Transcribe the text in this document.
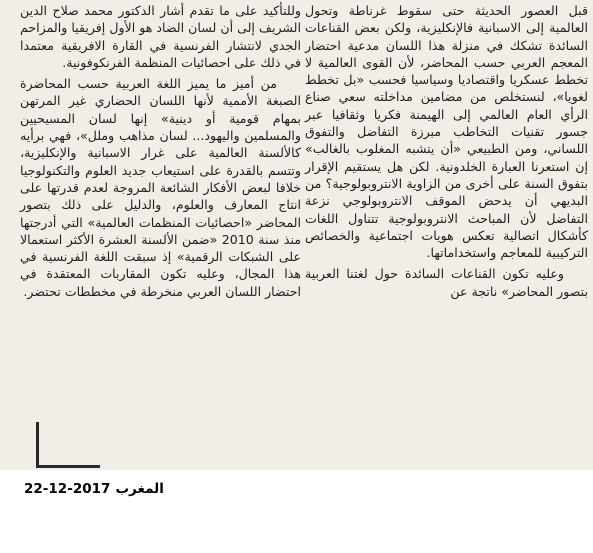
قبل العصور الحديثة حتى سقوط غرناطة وتحول العالمية إلى الاسبانية فالإنكليزية، ولكن بعض القناعات السائدة تشكك في منزلة هذا اللسان مدعية احتضار المعجم العربي حسب المحاضر، لأن القوى العالمية لا تخطط عسكريا واقتصاديا وسياسيا فحسب «بل تخطط لغويا»، لنستخلص من مضامين مداخلته سعي صناع الرأي العام العالمي إلى الهيمنة فكريا وثقافيا عبر جسور تقنيات التخاطب مبرزة التفاضل والتفوق اللساني، ومن الطبيعي «أن يتشبه المغلوب بالغالب» إن استعرنا العبارة الخلدونية. لكن هل يستقيم الإقرار بتفوق السنة على أخرى من الزاوية الانتروبولوجية؟ من البديهي أن يدحض الموقف الانتروبولوجي نزعة التفاضل لأن المباحث الانتروبولوجية تتناول اللغات كأشكال اتصالية تعكس هويات اجتماعية والخصائص التركيبية للمعاجم واستخداماتها.

وعليه تكون القناعات السائدة حول لغتنا العربية بتصور المحاضر» ناتجة عن

وللتأكيد على ما تقدم أشار الدكتور محمد صلاح الدين الشريف إلى أن لسان الضاد هو الأول إفريقيا والمزاحم الجدي لانتشار الفرنسية في القارة الافريقية معتمدا في ذلك على احصائيات المنظمة الفرنكوفونية.

من أميز ما يميز اللغة العربية حسب المحاضرة الصبغة الأممية لأنها اللسان الحضاري غير المرتهن بمهام قومية أو دينية» إنها لسان المسيحيين والمسلمين واليهود... لسان مذاهب وملل»، فهي برأيه كالألسنة العالمية على غرار الاسبانية والإنكليزية، وتتسم بالقدرة على استيعاب جديد العلوم والتكنولوجيا خلافا لبعض الأفكار الشائعة المروجة لعدم قدرتها على انتاج المعارف والعلوم، والدليل على ذلك بتصور المحاضر «احصائيات المنظمات العالمية» التي أدرجتها منذ سنة 2010 «ضمن الألسنة العشرة الأكثر استعمالا على الشبكات الرقمية» إذ سبقت اللغة الفرنسية في هذا المجال، وعليه تكون المقاربات المعتقدة في احتضار اللسان العربي منخرطة في مخططات تحتضر.

المغرب 2017-12-22
